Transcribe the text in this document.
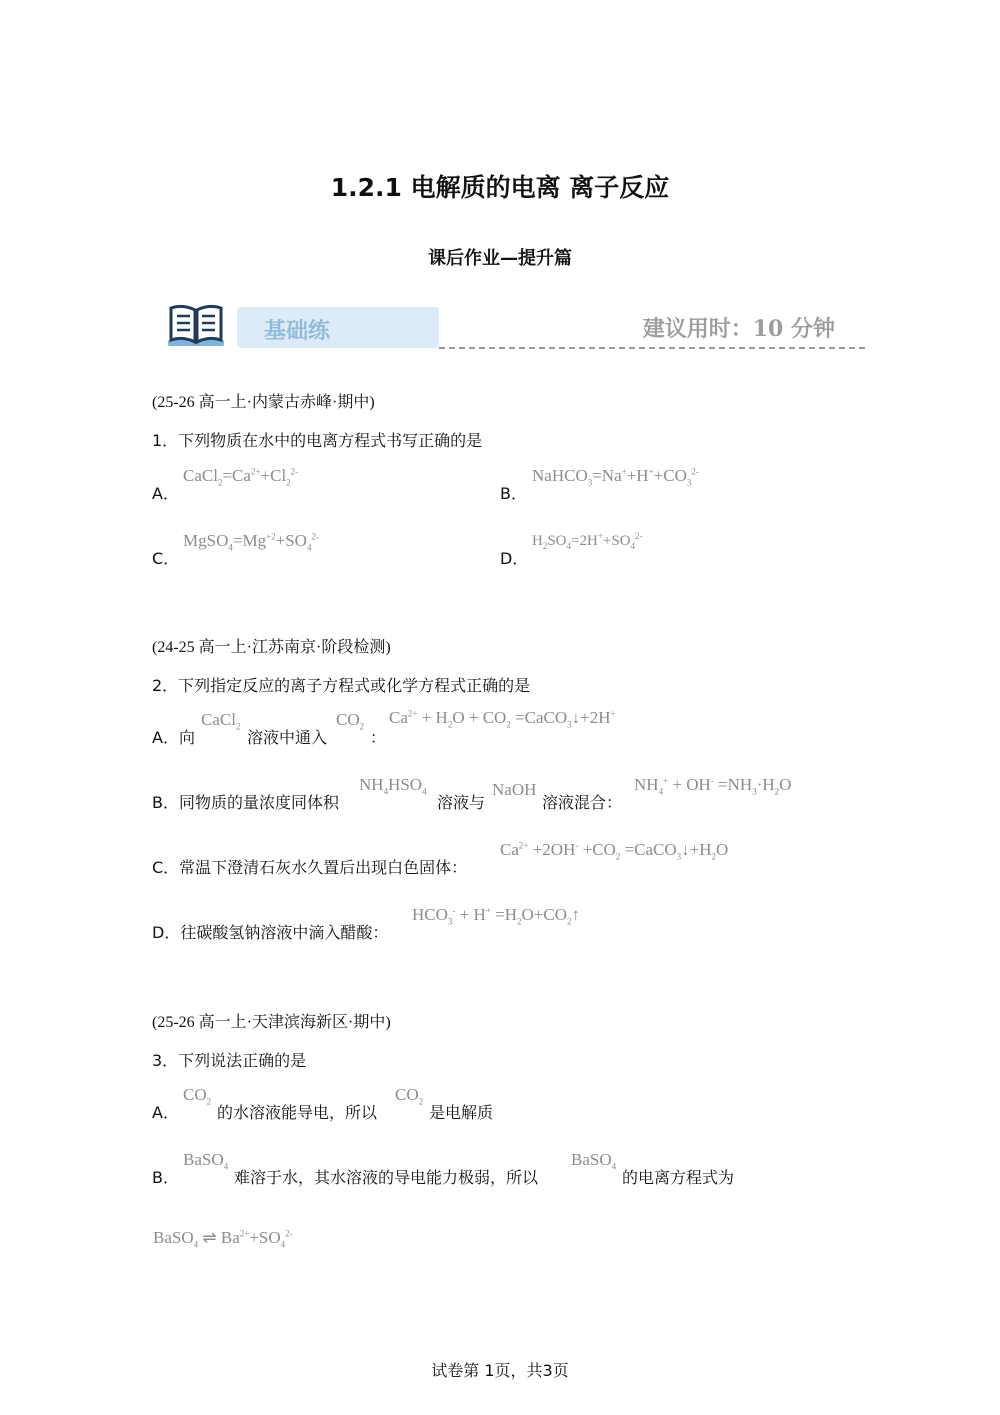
1.2.1 电解质的电离 离子反应
课后作业—提升篇
基础练	建议用时：10 分钟
(25-26 高一上·内蒙古赤峰·期中)
1．下列物质在水中的电离方程式书写正确的是
A．
$CaCl_2=Ca^{2+}+Cl_2^{2-}$
B．
$NaHCO_3=Na^++H^++CO_3^{2-}$
C．
$MgSO_4=Mg^{+2}+SO_4^{2-}$
D．
$H_2SO_4=2H^++SO_4^{2-}$
(24-25 高一上·江苏南京·阶段检测)
2．下列指定反应的离子方程式或化学方程式正确的是
A．向
CaCl$_2$
溶液中通入
$CO_2$
：
$Ca^{2+} + H_2O + CO_2$ =CaCO$_3$↓+2H+
B．同物质的量浓度同体积
$NH_4HSO_4$
溶液与
NaOH
溶液混合：
$NH_4^+ + OH^- =NH_3\cdot H_2O$
C．常温下澄清石灰水久置后出现白色固体：
$Ca^{2+} +2OH^- +CO_2$ $=CaCO_3↓+H_2O$
D．往碳酸氢钠溶液中滴入醋酸：
$HCO_3^- + H^+$ $=H_2O+CO_2↑$
(25-26 高一上·天津滨海新区·期中)
3．下列说法正确的是
A．
$CO_2$
的水溶液能导电，所以
$CO_2$
是电解质
B．
BaSO$_4$
难溶于水，其水溶液的导电能力极弱，所以
BaSO$_4$
的电离方程式为
BaSO$_4$ ⇌ $Ba^{2+}+SO_4^{2-}$
试卷第 1页，共3页
